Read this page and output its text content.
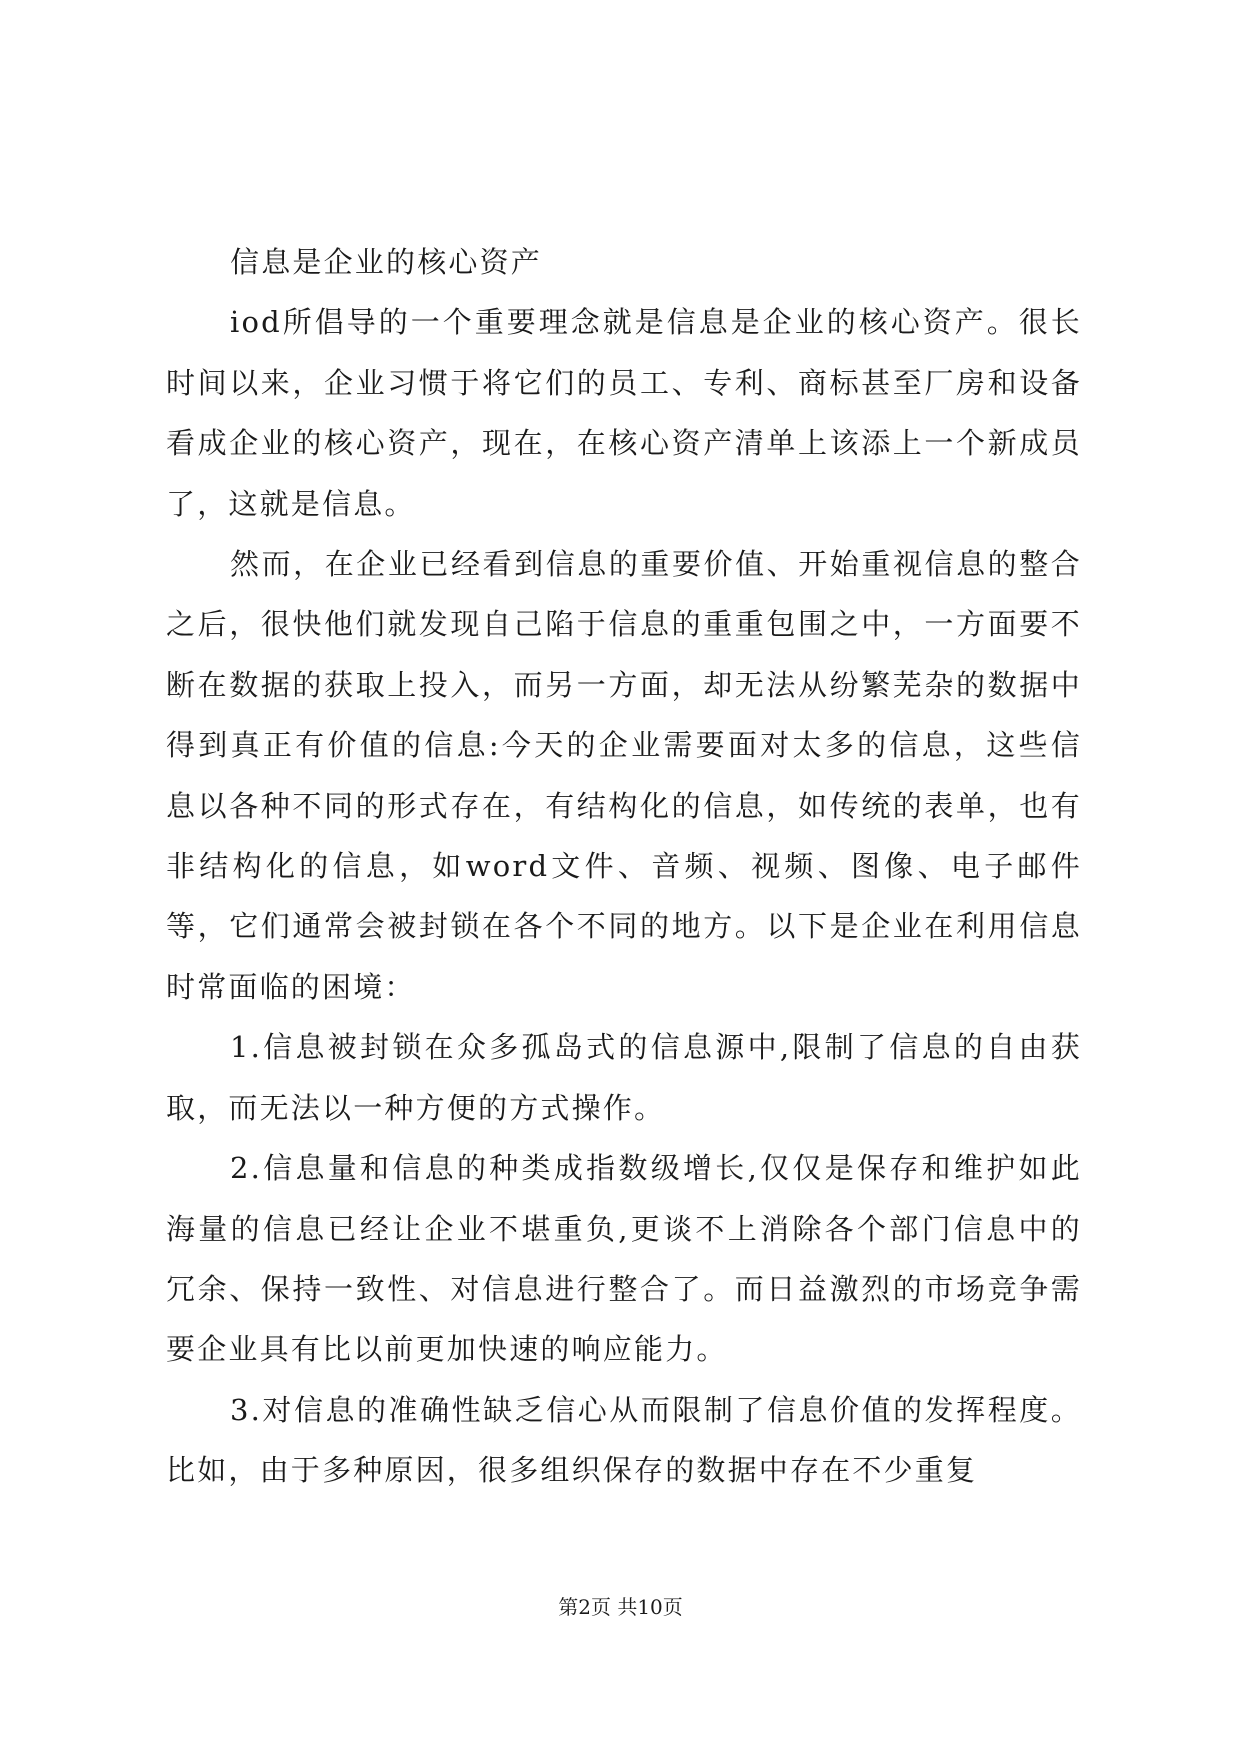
信息是企业的核心资产

iod所倡导的一个重要理念就是信息是企业的核心资产。很长时间以来，企业习惯于将它们的员工、专利、商标甚至厂房和设备看成企业的核心资产，现在，在核心资产清单上该添上一个新成员了，这就是信息。

然而，在企业已经看到信息的重要价值、开始重视信息的整合之后，很快他们就发现自己陷于信息的重重包围之中，一方面要不断在数据的获取上投入，而另一方面，却无法从纷繁芜杂的数据中得到真正有价值的信息:今天的企业需要面对太多的信息，这些信息以各种不同的形式存在，有结构化的信息，如传统的表单，也有非结构化的信息，如word文件、音频、视频、图像、电子邮件等，它们通常会被封锁在各个不同的地方。以下是企业在利用信息时常面临的困境：

1.信息被封锁在众多孤岛式的信息源中,限制了信息的自由获取，而无法以一种方便的方式操作。

2.信息量和信息的种类成指数级增长,仅仅是保存和维护如此海量的信息已经让企业不堪重负,更谈不上消除各个部门信息中的冗余、保持一致性、对信息进行整合了。而日益激烈的市场竞争需要企业具有比以前更加快速的响应能力。

3.对信息的准确性缺乏信心从而限制了信息价值的发挥程度。比如，由于多种原因，很多组织保存的数据中存在不少重复

第2页 共10页
